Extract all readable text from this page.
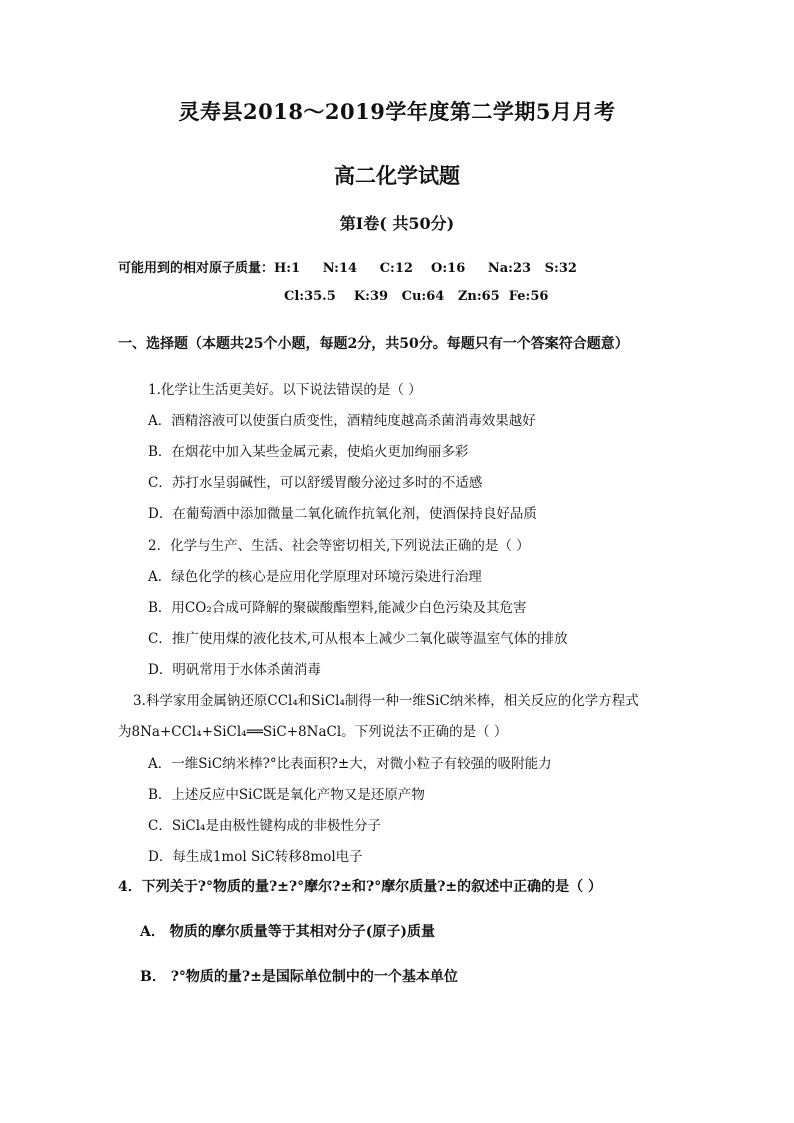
灵寿县2018～2019学年度第二学期5月月考
高二化学试题
第Ⅰ卷( 共50分)
可能用到的相对原子质量：H:1     N:14     C:12    O:16     Na:23   S:32
Cl:35.5    K:39   Cu:64   Zn:65  Fe:56
一、选择题（本题共25个小题，每题2分，共50分。每题只有一个答案符合题意）
1.化学让生活更美好。以下说法错误的是（ ）
A．酒精溶液可以使蛋白质变性，酒精纯度越高杀菌消毒效果越好
B．在烟花中加入某些金属元素，使焰火更加绚丽多彩
C．苏打水呈弱碱性，可以舒缓胃酸分泌过多时的不适感
D．在葡萄酒中添加微量二氧化硫作抗氧化剂，使酒保持良好品质
2．化学与生产、生活、社会等密切相关,下列说法正确的是（ ）
A．绿色化学的核心是应用化学原理对环境污染进行治理
B．用CO₂合成可降解的聚碳酸酯塑料,能减少白色污染及其危害
C．推广使用煤的液化技术,可从根本上减少二氧化碳等温室气体的排放
D．明矾常用于水体杀菌消毒
3.科学家用金属钠还原CCl₄和SiCl₄制得一种一维SiC纳米棒，相关反应的化学方程式
为8Na+CCl₄+SiCl₄══SiC+8NaCl。下列说法不正确的是（ ）
A．一维SiC纳米棒?°比表面积?±大，对微小粒子有较强的吸附能力
B．上述反应中SiC既是氧化产物又是还原产物
C．SiCl₄是由极性键构成的非极性分子
D．每生成1mol SiC转移8mol电子
4．下列关于?°物质的量?±?°摩尔?±和?°摩尔质量?±的叙述中正确的是（ ）
A． 物质的摩尔质量等于其相对分子(原子)质量
B． ?°物质的量?±是国际单位制中的一个基本单位
